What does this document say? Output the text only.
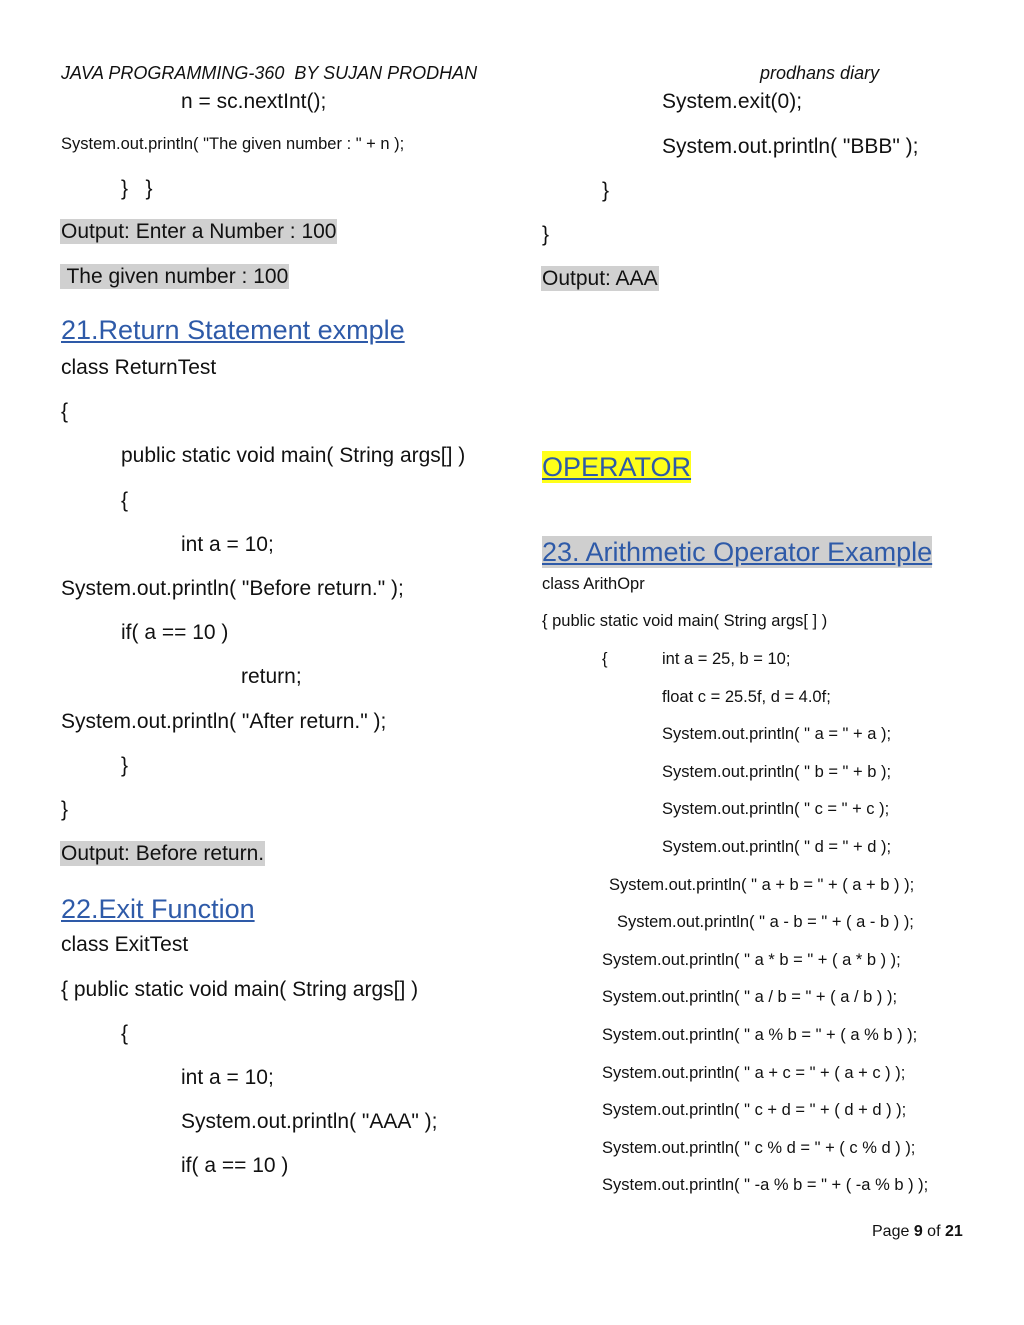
JAVA PROGRAMMING-360  BY SUJAN PRODHAN	prodhans diary
n = sc.nextInt();
System.out.println( "The given number : " + n );
}   }
Output: Enter a Number : 100
The given number : 100
21.Return Statement exmple
class ReturnTest
{
public static void main( String args[] )
{
int a = 10;
System.out.println( "Before return." );
if( a == 10 )
return;
System.out.println( "After return." );
}
}
Output: Before return.
22.Exit Function
class ExitTest
{ public static void main( String args[] )
{
int a = 10;
System.out.println( "AAA" );
if( a == 10 )
System.exit(0);
System.out.println( "BBB" );
}
}
Output: AAA
OPERATOR
23. Arithmetic Operator Example
class ArithOpr
{ public static void main( String args[ ] )
{	int a = 25, b = 10;
float c = 25.5f, d = 4.0f;
System.out.println( " a = " + a );
System.out.println( " b = " + b );
System.out.println( " c = " + c );
System.out.println( " d = " + d );
System.out.println( " a + b = " + ( a + b ) );
System.out.println( " a - b = " + ( a - b ) );
System.out.println( " a * b = " + ( a * b ) );
System.out.println( " a / b = " + ( a / b ) );
System.out.println( " a % b = " + ( a % b ) );
System.out.println( " a + c = " + ( a + c ) );
System.out.println( " c + d = " + ( d + d ) );
System.out.println( " c % d = " + ( c % d ) );
System.out.println( " -a % b = " + ( -a % b ) );
Page 9 of 21
